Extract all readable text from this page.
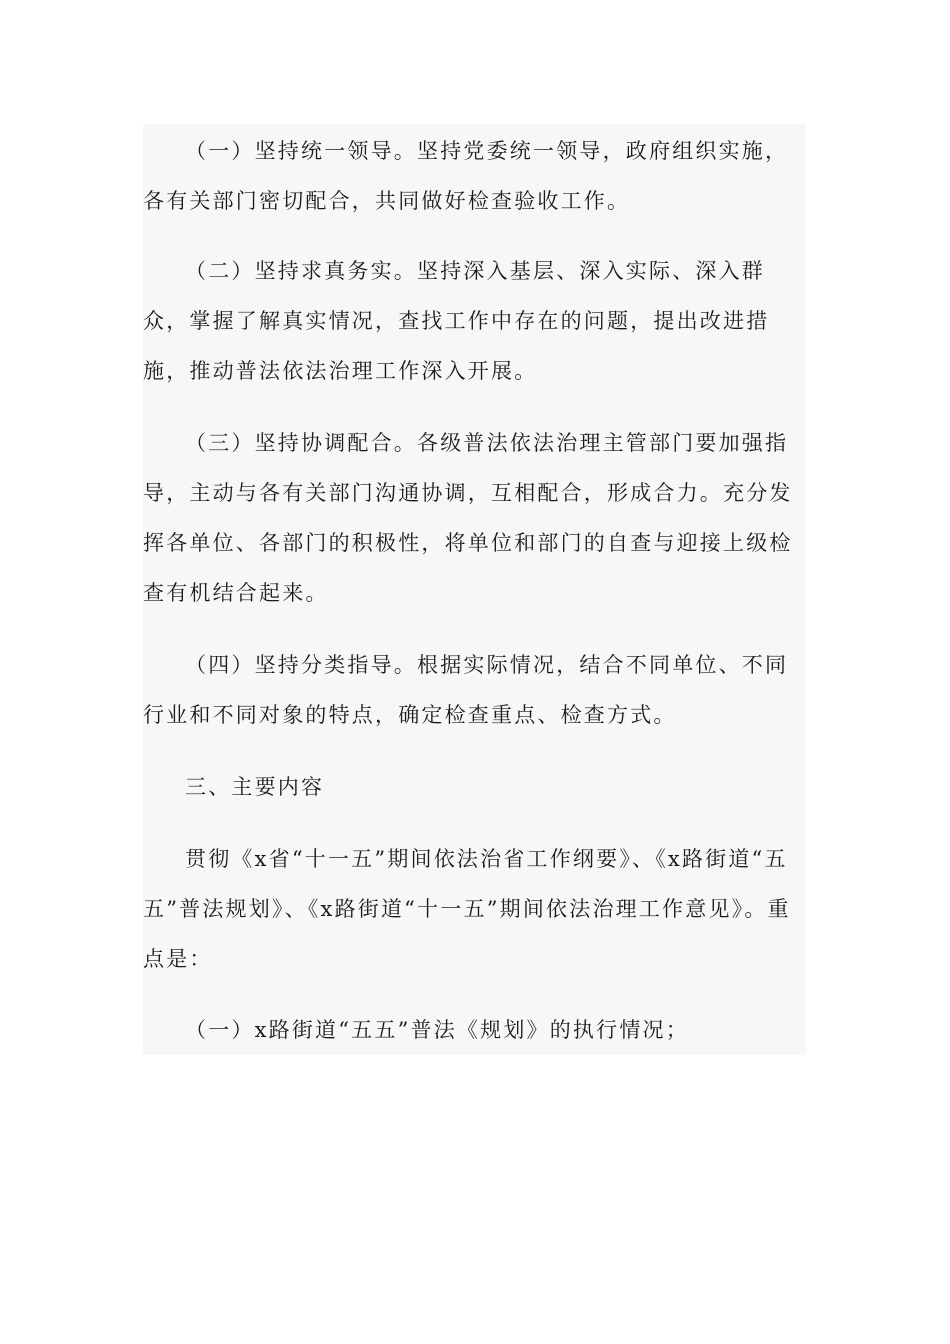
（一）坚持统一领导。坚持党委统一领导，政府组织实施，各有关部门密切配合，共同做好检查验收工作。

（二）坚持求真务实。坚持深入基层、深入实际、深入群众，掌握了解真实情况，查找工作中存在的问题，提出改进措施，推动普法依法治理工作深入开展。

（三）坚持协调配合。各级普法依法治理主管部门要加强指导，主动与各有关部门沟通协调，互相配合，形成合力。充分发挥各单位、各部门的积极性，将单位和部门的自查与迎接上级检查有机结合起来。

（四）坚持分类指导。根据实际情况，结合不同单位、不同行业和不同对象的特点，确定检查重点、检查方式。

三、主要内容

贯彻《x省“十一五”期间依法治省工作纲要》、《x路街道“五五”普法规划》、《x路街道“十一五”期间依法治理工作意见》。重点是：

（一）x路街道“五五”普法《规划》的执行情况；
